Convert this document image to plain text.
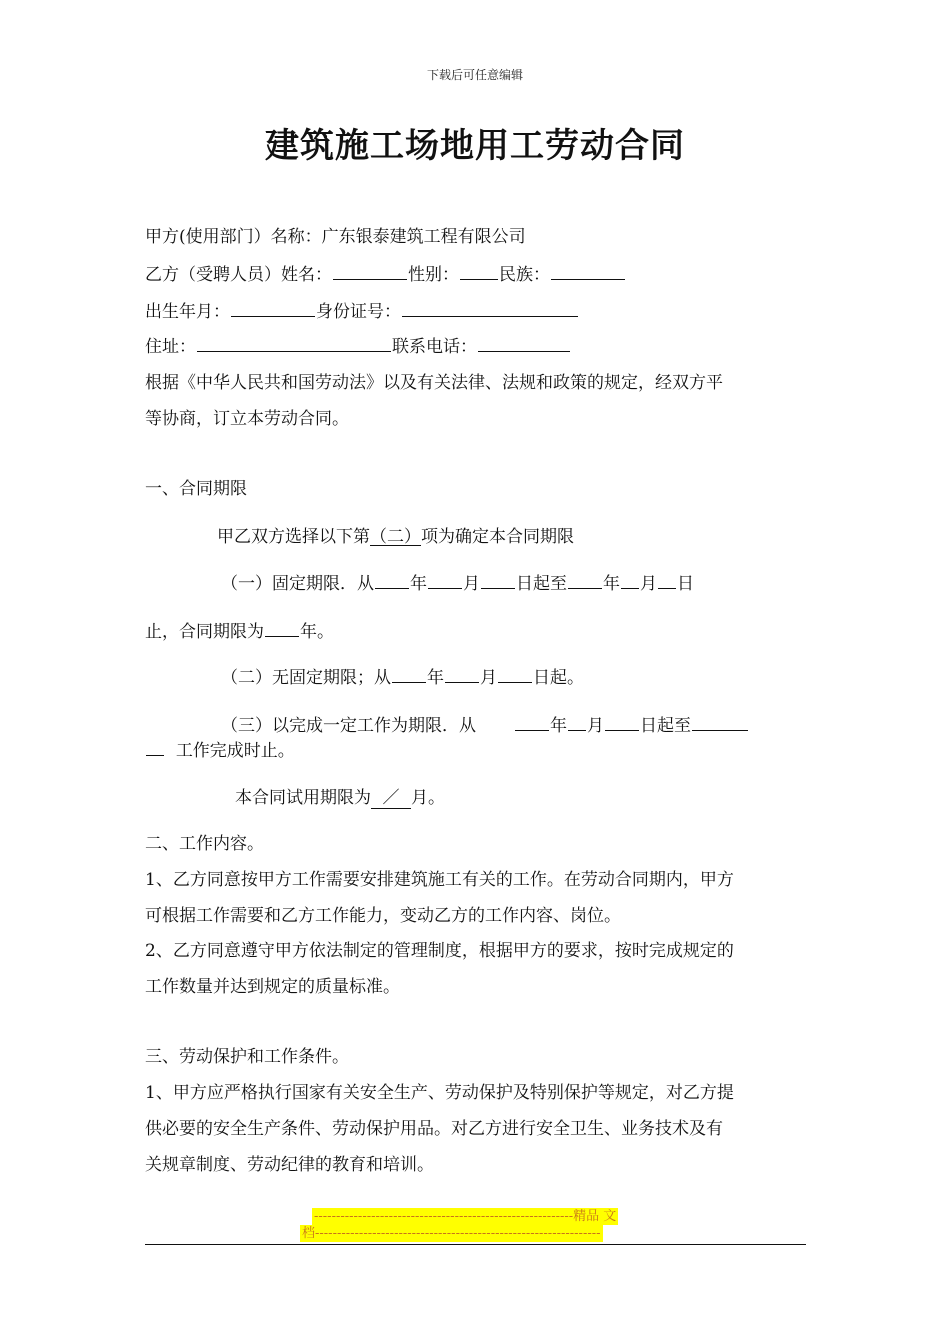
下载后可任意编辑
建筑施工场地用工劳动合同
甲方(使用部门）名称：广东银泰建筑工程有限公司
乙方（受聘人员）姓名：	性别： 民族：
出生年月：	身份证号：
住址：	联系电话：
根据《中华人民共和国劳动法》以及有关法律、法规和政策的规定，经双方平
等协商，订立本劳动合同。
一、合同期限
甲乙双方选择以下第（二）项为确定本合同期限
（一）固定期限．从 年 月 日起至 年 月 日
止，合同期限为 年。
（二）无固定期限；从 年 月 日起。
（三）以完成一定工作为期限．从	年 月 日起至
工作完成时止。
本合同试用期限为 ／ 月。
二、工作内容。
1、乙方同意按甲方工作需要安排建筑施工有关的工作。在劳动合同期内，甲方
可根据工作需要和乙方工作能力，变动乙方的工作内容、岗位。
2、乙方同意遵守甲方依法制定的管理制度，根据甲方的要求，按时完成规定的
工作数量并达到规定的质量标准。
三、劳动保护和工作条件。
1、甲方应严格执行国家有关安全生产、劳动保护及特别保护等规定，对乙方提
供必要的安全生产条件、劳动保护用品。对乙方进行安全卫生、业务技术及有
关规章制度、劳动纪律的教育和培训。
-----------------------------------------------------------精品 文
档-----------------------------------------------------------------
